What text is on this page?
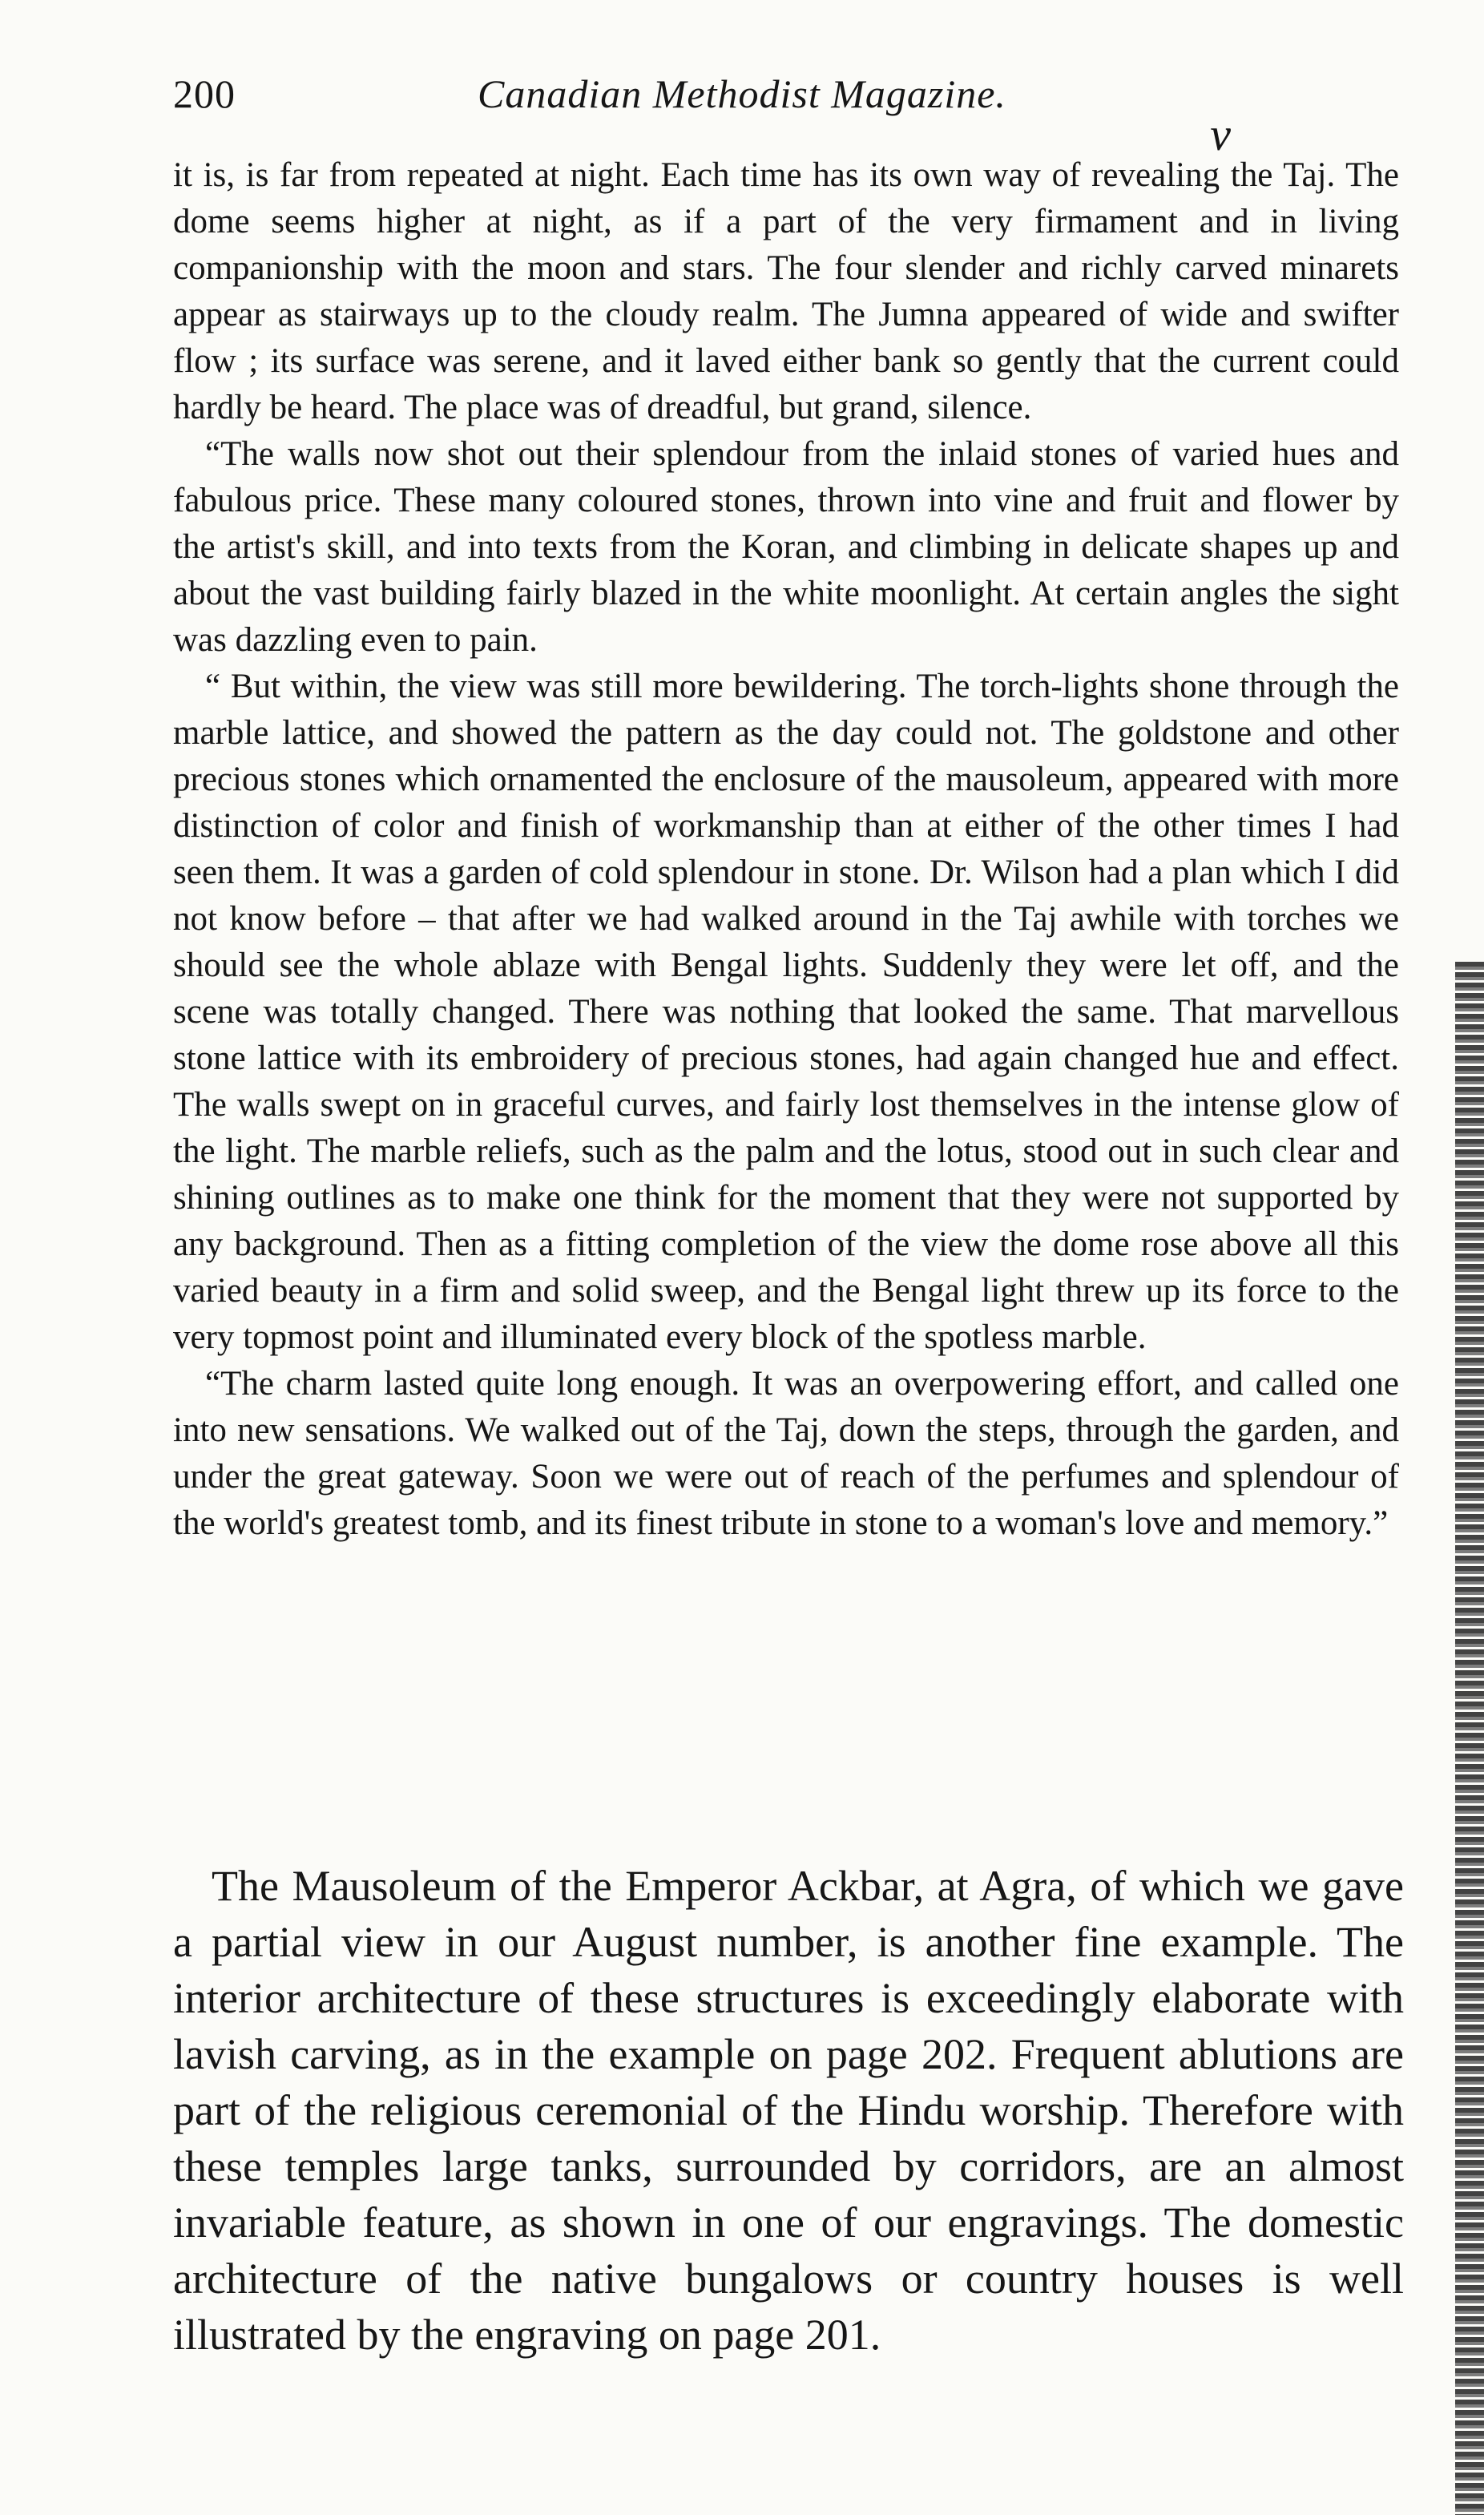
200	Canadian Methodist Magazine.
v

it is, is far from repeated at night. Each time has its own way of revealing the Taj. The dome seems higher at night, as if a part of the very firmament and in living companionship with the moon and stars. The four slender and richly carved minarets appear as stairways up to the cloudy realm. The Jumna appeared of wide and swifter flow ; its surface was serene, and it laved either bank so gently that the current could hardly be heard. The place was of dreadful, but grand, silence.

“The walls now shot out their splendour from the inlaid stones of varied hues and fabulous price. These many coloured stones, thrown into vine and fruit and flower by the artist's skill, and into texts from the Koran, and climbing in delicate shapes up and about the vast building fairly blazed in the white moonlight. At certain angles the sight was dazzling even to pain.

“ But within, the view was still more bewildering. The torch-lights shone through the marble lattice, and showed the pattern as the day could not. The goldstone and other precious stones which ornamented the enclosure of the mausoleum, appeared with more distinction of color and finish of workmanship than at either of the other times I had seen them. It was a garden of cold splendour in stone. Dr. Wilson had a plan which I did not know before – that after we had walked around in the Taj awhile with torches we should see the whole ablaze with Bengal lights. Suddenly they were let off, and the scene was totally changed. There was nothing that looked the same. That marvellous stone lattice with its embroidery of precious stones, had again changed hue and effect. The walls swept on in graceful curves, and fairly lost themselves in the intense glow of the light. The marble reliefs, such as the palm and the lotus, stood out in such clear and shining outlines as to make one think for the moment that they were not supported by any background. Then as a fitting completion of the view the dome rose above all this varied beauty in a firm and solid sweep, and the Bengal light threw up its force to the very topmost point and illuminated every block of the spotless marble.

“The charm lasted quite long enough. It was an overpowering effort, and called one into new sensations. We walked out of the Taj, down the steps, through the garden, and under the great gateway. Soon we were out of reach of the perfumes and splendour of the world's greatest tomb, and its finest tribute in stone to a woman's love and memory.”

The Mausoleum of the Emperor Ackbar, at Agra, of which we gave a partial view in our August number, is another fine example. The interior architecture of these structures is exceedingly elaborate with lavish carving, as in the example on page 202. Frequent ablutions are part of the religious ceremonial of the Hindu worship. Therefore with these temples large tanks, surrounded by corridors, are an almost invariable feature, as shown in one of our engravings. The domestic architecture of the native bungalows or country houses is well illustrated by the engraving on page 201.
